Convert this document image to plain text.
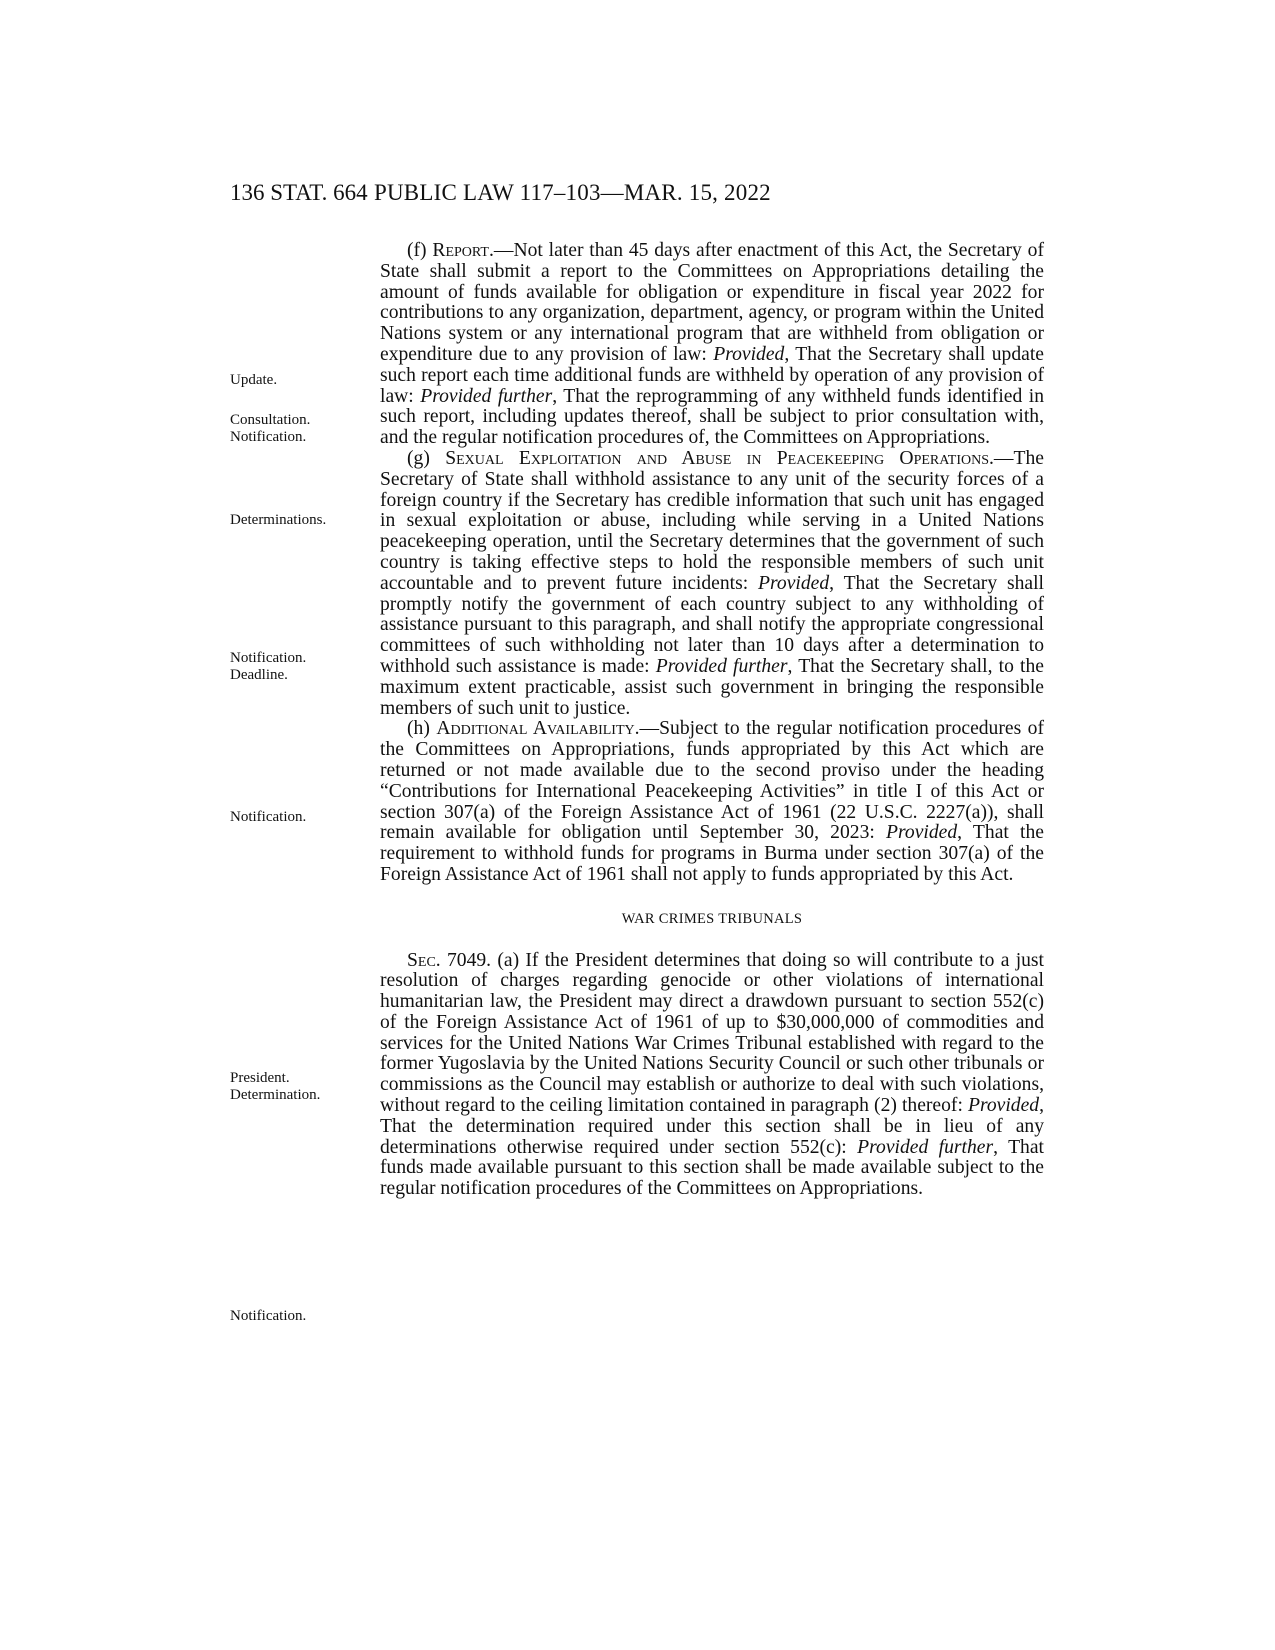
136 STAT. 664 PUBLIC LAW 117–103—MAR. 15, 2022
Update.
Consultation.
Notification.
Determinations.
Notification.
Deadline.
Notification.
President.
Determination.
Notification.

(f) Report.—Not later than 45 days after enactment of this Act, the Secretary of State shall submit a report to the Committees on Appropriations detailing the amount of funds available for obligation or expenditure in fiscal year 2022 for contributions to any organization, department, agency, or program within the United Nations system or any international program that are withheld from obligation or expenditure due to any provision of law: Provided, That the Secretary shall update such report each time additional funds are withheld by operation of any provision of law: Provided further, That the reprogramming of any withheld funds identified in such report, including updates thereof, shall be subject to prior consultation with, and the regular notification procedures of, the Committees on Appropriations.

(g) Sexual Exploitation and Abuse in Peacekeeping Operations.—The Secretary of State shall withhold assistance to any unit of the security forces of a foreign country if the Secretary has credible information that such unit has engaged in sexual exploitation or abuse, including while serving in a United Nations peacekeeping operation, until the Secretary determines that the government of such country is taking effective steps to hold the responsible members of such unit accountable and to prevent future incidents: Provided, That the Secretary shall promptly notify the government of each country subject to any withholding of assistance pursuant to this paragraph, and shall notify the appropriate congressional committees of such withholding not later than 10 days after a determination to withhold such assistance is made: Provided further, That the Secretary shall, to the maximum extent practicable, assist such government in bringing the responsible members of such unit to justice.

(h) Additional Availability.—Subject to the regular notification procedures of the Committees on Appropriations, funds appropriated by this Act which are returned or not made available due to the second proviso under the heading “Contributions for International Peacekeeping Activities” in title I of this Act or section 307(a) of the Foreign Assistance Act of 1961 (22 U.S.C. 2227(a)), shall remain available for obligation until September 30, 2023: Provided, That the requirement to withhold funds for programs in Burma under section 307(a) of the Foreign Assistance Act of 1961 shall not apply to funds appropriated by this Act.

WAR CRIMES TRIBUNALS

Sec. 7049. (a) If the President determines that doing so will contribute to a just resolution of charges regarding genocide or other violations of international humanitarian law, the President may direct a drawdown pursuant to section 552(c) of the Foreign Assistance Act of 1961 of up to $30,000,000 of commodities and services for the United Nations War Crimes Tribunal established with regard to the former Yugoslavia by the United Nations Security Council or such other tribunals or commissions as the Council may establish or authorize to deal with such violations, without regard to the ceiling limitation contained in paragraph (2) thereof: Provided, That the determination required under this section shall be in lieu of any determinations otherwise required under section 552(c): Provided further, That funds made available pursuant to this section shall be made available subject to the regular notification procedures of the Committees on Appropriations.
